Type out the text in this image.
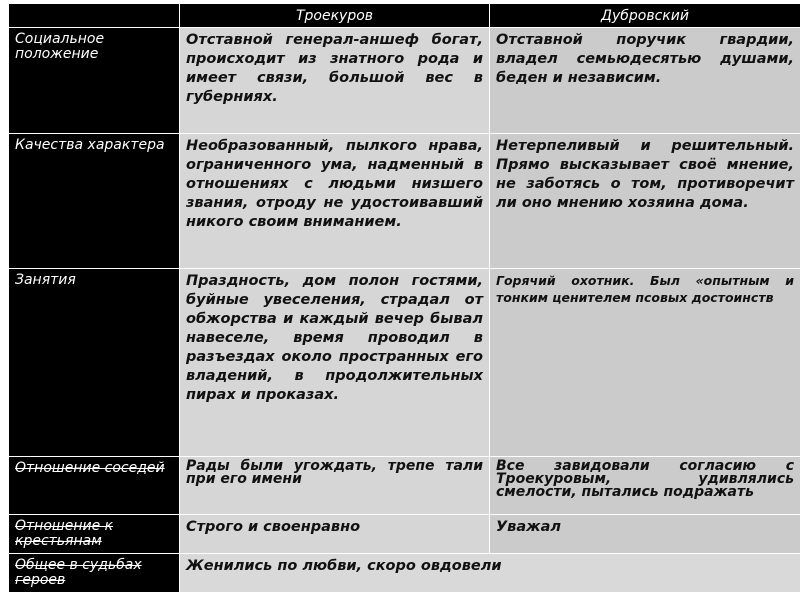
	Троекуров	Дубровский
Социальное положение	Отставной генерал-аншеф богат, происходит из знатного рода и имеет связи, большой вес в губерниях.	Отставной поручик гвардии, владел семьюдесятью душами, беден и независим.
Качества характера	Необразованный, пылкого нрава, ограниченного ума, надменный в отношениях с людьми низшего звания, отроду не удостоивавший никого своим вниманием.	Нетерпеливый и решительный. Прямо высказывает своё мнение, не заботясь о том, противоречит ли оно мнению хозяина дома.
Занятия	Праздность, дом полон гостями, буйные увеселения, страдал от обжорства и каждый вечер бывал навеселе, время проводил в разъездах около пространных его владений, в продолжительных пирах и проказах.	Горячий охотник. Был «опытным и тонким ценителем псовых достоинств
Отношение соседей	Рады были угождать, трепе тали при его имени	Все завидовали согласию с Троекуровым, удивлялись смелости, пытались подражать
Отношение к крестьянам	Строго и своенравно	Уважал
Общее в судьбах героев	Женились по любви, скоро овдовели	
